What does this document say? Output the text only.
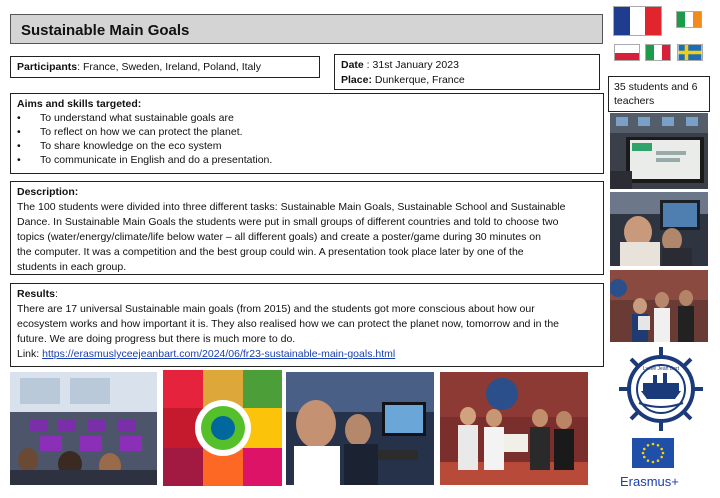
Sustainable Main Goals
Participants: France, Sweden, Ireland, Poland, Italy	Date : 31st January 2023
Place: Dunkerque, France
Aims and skills targeted:
•	To understand what sustainable goals are
•	To reflect on how we can protect the planet.
•	To share knowledge on the eco system
•	To communicate in English and do a presentation.
Description:
The 100 students were divided into three different tasks: Sustainable Main Goals, Sustainable School and Sustainable
Dance. In Sustainable Main Goals the students were put in small groups of different countries and told to choose two
topics (water/energy/climate/life below water – all different goals) and create a poster/game during 30 minutes on
the computer. It was a competition and the best group could win. A presentation took place later by one of the
students in each group.
Results:
There are 17 universal Sustainable main goals (from 2015) and the students got more conscious about how our
ecosystem works and how important it is. They also realised how we can protect the planet now, tomorrow and in the
future. We are doing progress but there is much more to do.
Link: https://erasmuslyceejeanbart.com/2024/06/fr23-sustainable-main-goals.html
35 students and 6 teachers
Lycée Jean Bart
Erasmus+
